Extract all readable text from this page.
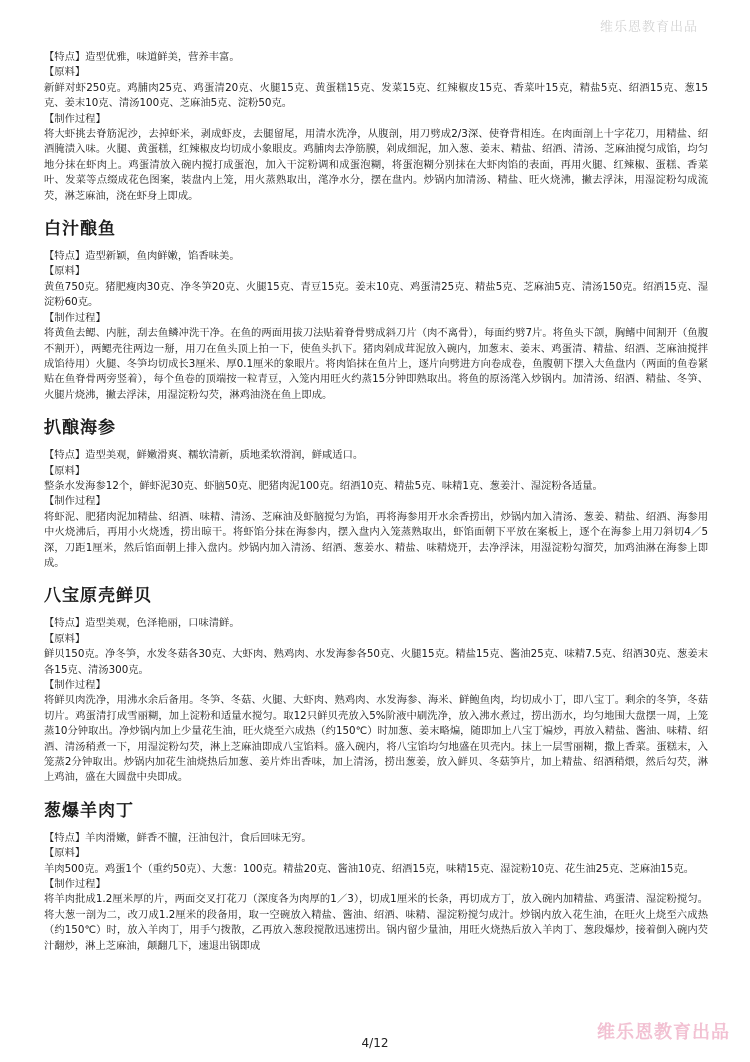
维乐恩教育出品

【特点】造型优雅，味道鲜美，营养丰富。

【原料】

新鲜对虾250克。鸡脯肉25克、鸡蛋清20克、火腿15克、黄蛋糕15克、发菜15克、红辣椒皮15克、香菜叶15克，精盐5克、绍酒15克、葱15克、姜末10克、清汤100克、芝麻油5克、淀粉50克。

【制作过程】

将大虾挑去脊筋泥沙，去掉虾米，剥成虾皮，去腿留尾，用清水洗净，从腹剖，用刀劈成2/3深、使脊背相连。在肉面剖上十字花刀，用精盐、绍酒腌渍入味。火腿、黄蛋糕，红辣椒皮均切成小象眼皮。鸡脯肉去净筋膜，剁成细泥，加入葱、姜末、精盐、绍酒、清汤、芝麻油搅匀成馅，均匀地分抹在虾肉上。鸡蛋清放入碗内搅打成蛋泡，加入干淀粉调和成蛋泡糊，将蛋泡糊分别抹在大虾肉馅的表面，再用火腿、红辣椒、蛋糕、香菜叶、发菜等点缀成花色图案，装盘内上笼，用火蒸熟取出，滗净水分，摆在盘内。炒锅内加清汤、精盐、旺火烧沸，撇去浮沫，用湿淀粉勾成流芡，淋芝麻油，浇在虾身上即成。

白汁酿鱼

【特点】造型新颖，鱼肉鲜嫩，馅香味美。

【原料】

黄鱼750克。猪肥瘦肉30克、净冬笋20克、火腿15克、青豆15克。姜末10克、鸡蛋清25克、精盐5克、芝麻油5克、清汤150克。绍酒15克、湿淀粉60克。

【制作过程】

将黄鱼去鳃、内脏，刮去鱼鳞冲洗干净。在鱼的两面用拔刀法贴着脊骨劈成斜刀片（肉不离骨），每面约劈7片。将鱼头下颌，胸鳍中间割开（鱼腹不割开），两鳃壳往两边一掰，用刀在鱼头顶上拍一下，使鱼头扒下。猪肉剁成茸泥放入碗内，加葱末、姜末、鸡蛋清、精盐、绍酒、芝麻油搅拌成馅待用）火腿、冬笋均切成长3厘米、厚0.1厘米的象眼片。将肉馅抹在鱼片上，逐片向劈进方向卷成卷，鱼腹朝下摆入大鱼盘内（两面的鱼卷紧贴在鱼脊骨两旁竖着），每个鱼卷的顶端按一粒青豆，入笼内用旺火约蒸15分钟即熟取出。将鱼的原汤滗入炒锅内。加清汤、绍酒、精盐、冬笋、火腿片烧沸，撇去浮沫，用湿淀粉勾芡，淋鸡油浇在鱼上即成。

扒酿海参

【特点】造型美观，鲜嫩滑爽、糯软清新，质地柔软滑润，鲜咸适口。

【原料】

整条水发海参12个，鲜虾泥30克、虾脑50克、肥猪肉泥100克。绍酒10克、精盐5克、味精1克、葱姜汁、湿淀粉各适量。

【制作过程】

将虾泥、肥猪肉泥加精盐、绍酒、味精、清汤、芝麻油及虾脑搅匀为馅，再将海参用开水余香捞出，炒锅内加入清汤、葱姜、精盐、绍酒、海参用中火烧沸后，再用小火烧透，捞出晾干。将虾馅分抹在海参内，摆入盘内入笼蒸熟取出，虾馅面朝下平放在案板上，逐个在海参上用刀斜切4／5深，刀距1厘米，然后馅面朝上排入盘内。炒锅内加入清汤、绍酒、葱姜水、精盐、味精烧开，去净浮沫，用湿淀粉勾溜芡，加鸡油淋在海参上即成。

八宝原壳鲜贝

【特点】造型美观，色泽艳丽，口味清鲜。

【原料】

鲜贝150克。净冬笋，水发冬菇各30克、大虾肉、熟鸡肉、水发海参各50克、火腿15克。精盐15克、酱油25克、味精7.5克、绍酒30克、葱姜末各15克、清汤300克。

【制作过程】

将鲜贝肉洗净，用沸水余后备用。冬笋、冬菇、火腿、大虾肉、熟鸡肉、水发海参、海米、鲜鲍鱼肉，均切成小丁，即八宝丁。剩余的冬笋，冬菇切片。鸡蛋清打成雪丽糊，加上淀粉和适量水搅匀。取12只鲜贝壳放入5%阶液中刷洗净，放入沸水煮过，捞出沥水，均匀地围大盘摆一周，上笼蒸10分钟取出。净炒锅内加上少量花生油，旺火烧至六成热（约150℃）时加葱、姜末略煸，随即加上八宝丁煸炒，再放入精盐、酱油、味精、绍酒、清汤稍煮一下，用湿淀粉勾芡，淋上芝麻油即成八宝馅料。盛入碗内，将八宝馅均匀地盛在贝壳内。抹上一层雪丽糊，撒上香菜。蛋糕末，入笼蒸2分钟取出。炒锅内加花生油烧热后加葱、姜片炸出香味，加上清汤，捞出葱姜，放入鲜贝、冬菇笋片，加上精盐、绍酒稍煨，然后勾芡，淋上鸡油，盛在大圆盘中央即成。

葱爆羊肉丁

【特点】羊肉滑嫩，鲜香不膻，汪油包汁，食后回味无穷。

【原料】

羊肉500克。鸡蛋1个（重约50克）、大葱：100克。精盐20克、酱油10克、绍酒15克，味精15克、湿淀粉10克、花生油25克、芝麻油15克。

【制作过程】

将羊肉批成1.2厘米厚的片，两面交叉打花刀（深度各为肉厚的1／3），切成1厘米的长条，再切成方丁，放入碗内加精盐、鸡蛋清、湿淀粉搅匀。将大葱一剖为二，改刀成1.2厘米的段备用，取一空碗放入精盐、酱油、绍酒、味精、湿淀粉搅匀成汁。炒锅内放入花生油，在旺火上烧至六成热（约150℃）时，放入羊肉丁，用手勺拨散，乙再放入葱段搅散迅速捞出。锅内留少量油，用旺火烧热后放入羊肉丁、葱段爆炒，接着倒入碗内芡汁翻炒，淋上芝麻油，颠翻几下，速退出锅即成

维乐恩教育出品
4/12
